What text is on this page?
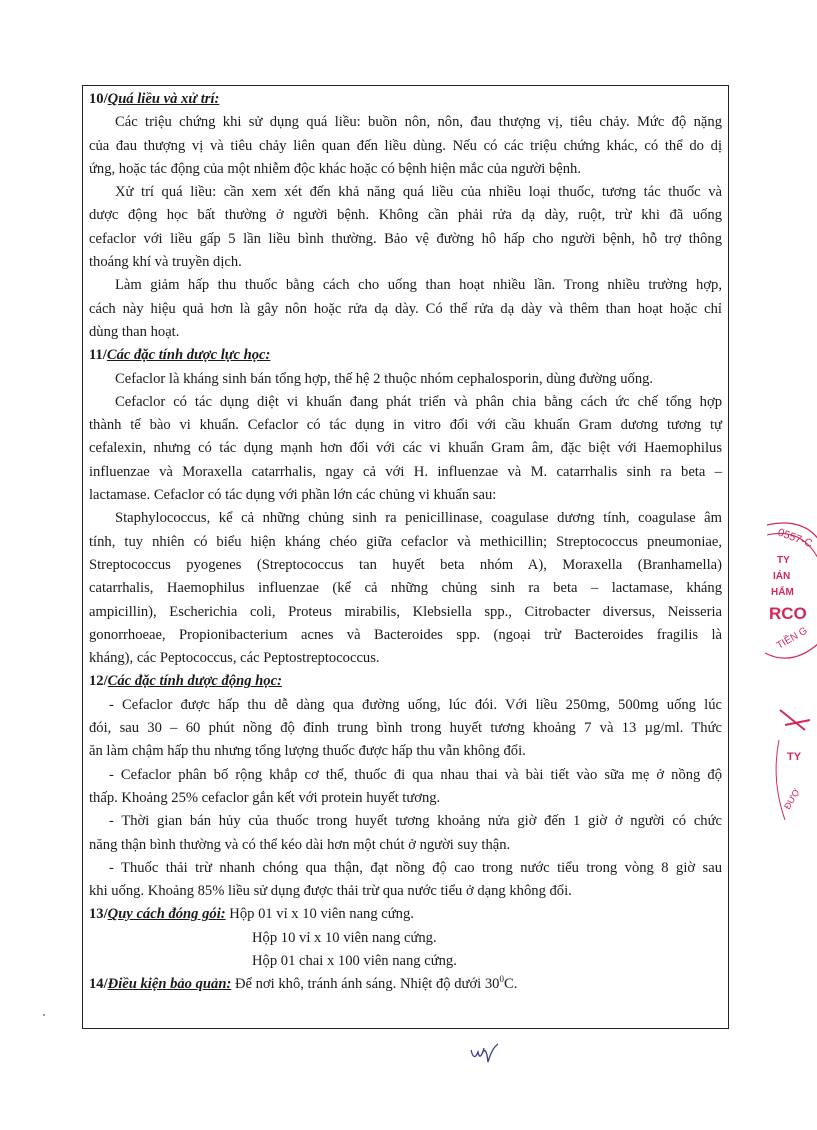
10/Quá liều và xử trí:

Các triệu chứng khi sử dụng quá liều: buồn nôn, nôn, đau thượng vị, tiêu chảy. Mức độ nặng

của đau thượng vị và tiêu chảy liên quan đến liều dùng. Nếu có các triệu chứng khác, có thể do dị

ứng, hoặc tác động của một nhiễm độc khác hoặc có bệnh hiện mắc của người bệnh.

Xử trí quá liều: cần xem xét đến khả năng quá liều của nhiều loại thuốc, tương tác thuốc và

dược động học bất thường ở người bệnh. Không cần phải rửa dạ dày, ruột, trừ khi đã uống

cefaclor với liều gấp 5 lần liều bình thường. Bảo vệ đường hô hấp cho người bệnh, hỗ trợ thông

thoáng khí và truyền dịch.

Làm giảm hấp thu thuốc bằng cách cho uống than hoạt nhiều lần. Trong nhiều trường hợp,

cách này hiệu quả hơn là gây nôn hoặc rửa dạ dày. Có thể rửa dạ dày và thêm than hoạt hoặc chỉ

dùng than hoạt.

11/Các đặc tính dược lực học:

Cefaclor là kháng sinh bán tổng hợp, thế hệ 2 thuộc nhóm cephalosporin, dùng đường uống.

Cefaclor có tác dụng diệt vi khuẩn đang phát triển và phân chia bằng cách ức chế tổng hợp

thành tế bào vi khuẩn. Cefaclor có tác dụng in vitro đối với cầu khuẩn Gram dương tương tự

cefalexin, nhưng có tác dụng mạnh hơn đối với các vi khuẩn Gram âm, đặc biệt với Haemophilus

influenzae và Moraxella catarrhalis, ngay cả với H. influenzae và M. catarrhalis sinh ra beta –

lactamase. Cefaclor có tác dụng với phần lớn các chủng vi khuẩn sau:

Staphylococcus, kể cả những chủng sinh ra penicillinase, coagulase dương tính, coagulase âm

tính, tuy nhiên có biểu hiện kháng chéo giữa cefaclor và methicillin; Streptococcus pneumoniae,

Streptococcus pyogenes (Streptococcus tan huyết beta nhóm A), Moraxella (Branhamella)

catarrhalis, Haemophilus influenzae (kể cả những chủng sinh ra beta – lactamase, kháng

ampicillin), Escherichia coli, Proteus mirabilis, Klebsiella spp., Citrobacter diversus, Neisseria

gonorrhoeae, Propionibacterium acnes và Bacteroides spp. (ngoại trừ Bacteroides fragilis là

kháng), các Peptococcus, các Peptostreptococcus.

12/Các đặc tính dược động học:

- Cefaclor được hấp thu dễ dàng qua đường uống, lúc đói. Với liều 250mg, 500mg uống lúc

đói, sau 30 – 60 phút nồng độ đỉnh trung bình trong huyết tương khoảng 7 và 13 µg/ml. Thức

ăn làm chậm hấp thu nhưng tổng lượng thuốc được hấp thu vẫn không đổi.

- Cefaclor phân bố rộng khắp cơ thể, thuốc đi qua nhau thai và bài tiết vào sữa mẹ ở nồng độ

thấp. Khoảng 25% cefaclor gắn kết với protein huyết tương.

- Thời gian bán hủy của thuốc trong huyết tương khoảng nửa giờ đến 1 giờ ở người có chức

năng thận bình thường và có thể kéo dài hơn một chút ở người suy thận.

- Thuốc thải trừ nhanh chóng qua thận, đạt nồng độ cao trong nước tiểu trong vòng 8 giờ sau

khi uống. Khoảng 85% liều sử dụng được thải trừ qua nước tiểu ở dạng không đổi.

13/Quy cách đóng gói: Hộp 01 vỉ x 10 viên nang cứng.

Hộp 10 vỉ x 10 viên nang cứng.

Hộp 01 chai x 100 viên nang cứng.

14/Điều kiện bảo quản: Để nơi khô, tránh ánh sáng. Nhiệt độ dưới $30^0C$.

0557-C
TY
IÁN
HẨM
RCO
TIỀN G
TY
ĐƯỢ
